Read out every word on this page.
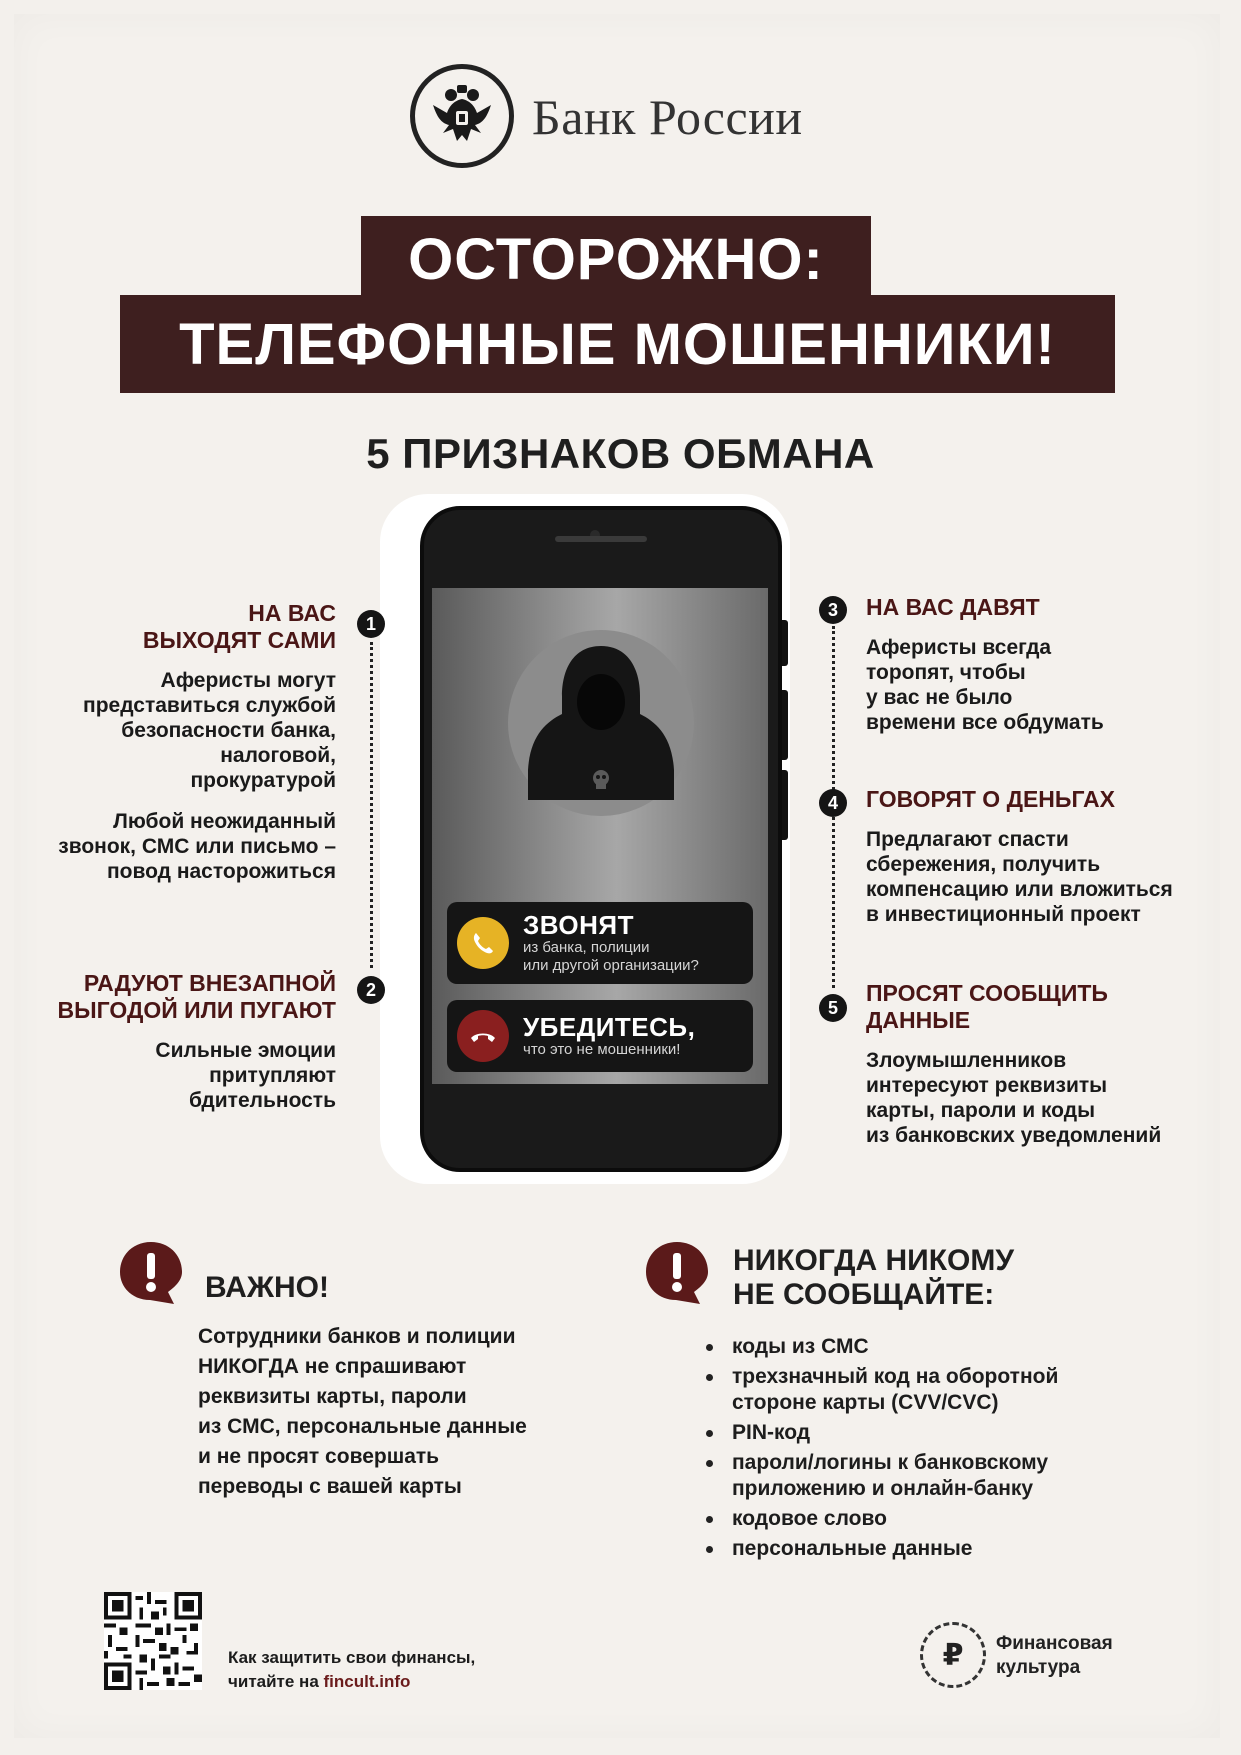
Банк России
ОСТОРОЖНО:
ТЕЛЕФОННЫЕ МОШЕННИКИ!
5 ПРИЗНАКОВ ОБМАНА
ЗВОНЯТ
из банка, полиции
или другой организации?
УБЕДИТЕСЬ,
что это не мошенники!
НА ВАС
ВЫХОДЯТ САМИ
Аферисты могут
представиться службой
безопасности банка,
налоговой,
прокуратурой
Любой неожиданный
звонок, СМС или письмо –
повод насторожиться
1
РАДУЮТ ВНЕЗАПНОЙ
ВЫГОДОЙ ИЛИ ПУГАЮТ
Сильные эмоции
притупляют
бдительность
2
3	НА ВАС ДАВЯТ
Аферисты всегда
торопят, чтобы
у вас не было
времени все обдумать
4	ГОВОРЯТ О ДЕНЬГАХ
Предлагают спасти
сбережения, получить
компенсацию или вложиться
в инвестиционный проект
5
ПРОСЯТ СООБЩИТЬ
ДАННЫЕ
Злоумышленников
интересуют реквизиты
карты, пароли и коды
из банковских уведомлений
ВАЖНО!
Сотрудники банков и полиции
НИКОГДА не спрашивают
реквизиты карты, пароли
из СМС, персональные данные
и не просят совершать
переводы с вашей карты
НИКОГДА НИКОМУ
НЕ СООБЩАЙТЕ:
коды из СМС
трехзначный код на оборотной
стороне карты (CVV/CVC)
PIN-код
пароли/логины к банковскому
приложению и онлайн-банку
кодовое слово
персональные данные
Как защитить свои финансы,
читайте на fincult.info
₽	Финансовая
культура
